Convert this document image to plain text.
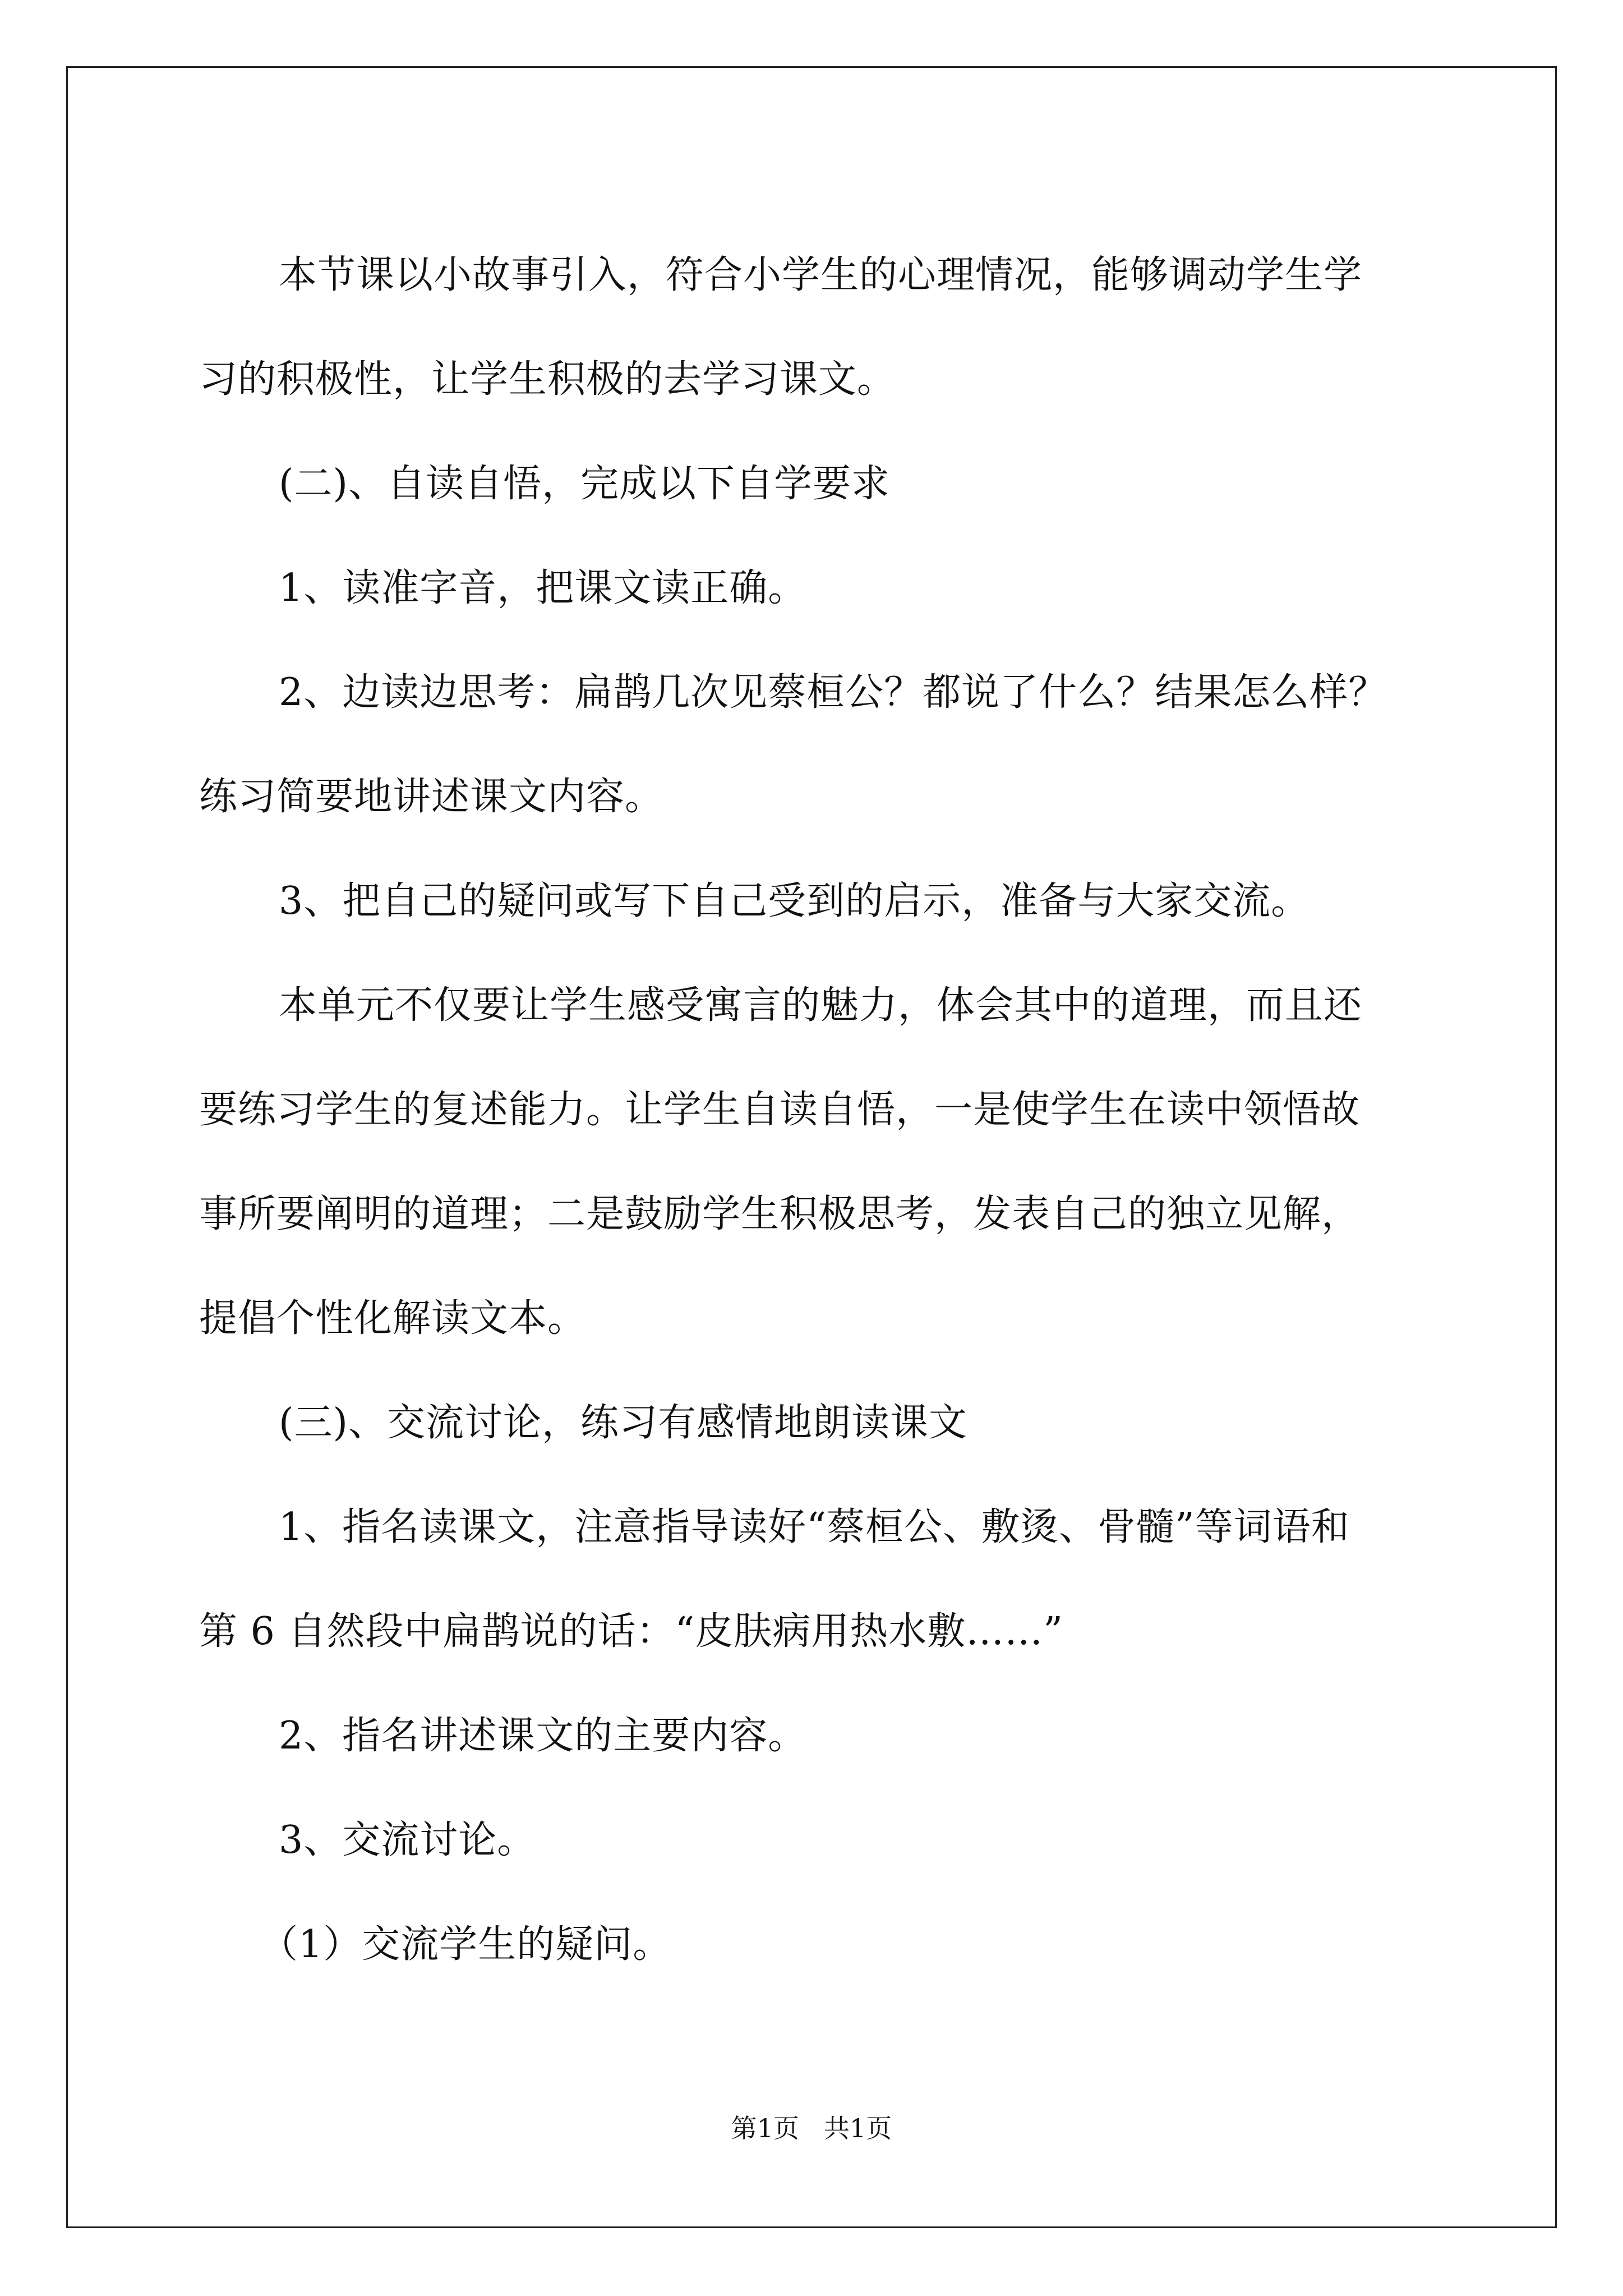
本节课以小故事引入，符合小学生的心理情况，能够调动学生学
习的积极性，让学生积极的去学习课文。
(二)、自读自悟，完成以下自学要求
1、读准字音，把课文读正确。
2、边读边思考：扁鹊几次见蔡桓公？都说了什么？结果怎么样？
练习简要地讲述课文内容。
3、把自己的疑问或写下自己受到的启示，准备与大家交流。
本单元不仅要让学生感受寓言的魅力，体会其中的道理，而且还
要练习学生的复述能力。让学生自读自悟，一是使学生在读中领悟故
事所要阐明的道理；二是鼓励学生积极思考，发表自己的独立见解，
提倡个性化解读文本。
(三)、交流讨论，练习有感情地朗读课文
1、指名读课文，注意指导读好“蔡桓公、敷烫、骨髓”等词语和
第 6 自然段中扁鹊说的话：“皮肤病用热水敷……”
2、指名讲述课文的主要内容。
3、交流讨论。
（1）交流学生的疑问。
第1页 共1页
